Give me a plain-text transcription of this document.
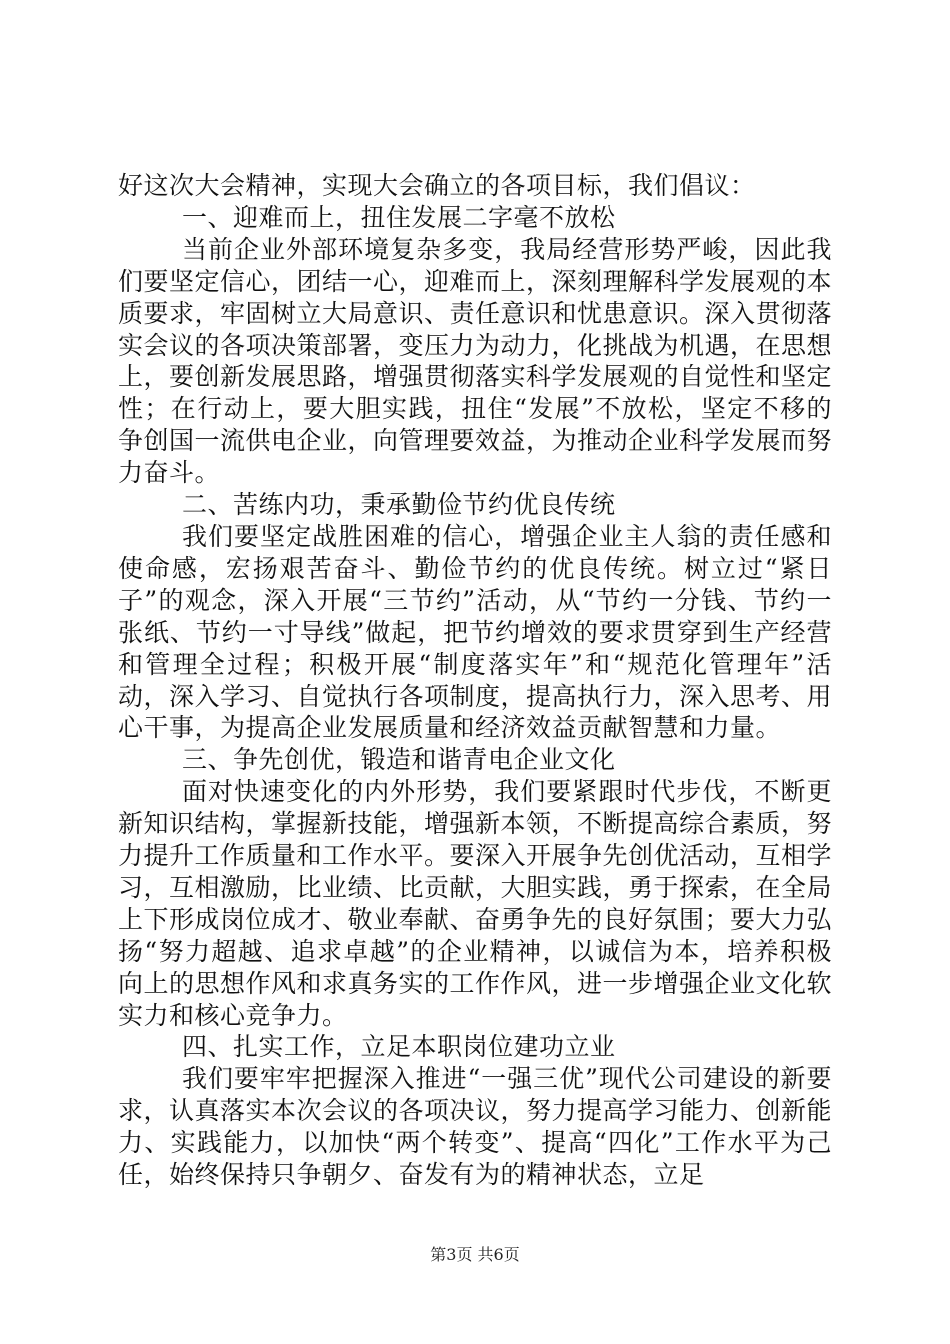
好这次大会精神，实现大会确立的各项目标，我们倡议：

一、迎难而上，扭住发展二字毫不放松

当前企业外部环境复杂多变，我局经营形势严峻，因此我们要坚定信心，团结一心，迎难而上，深刻理解科学发展观的本质要求，牢固树立大局意识、责任意识和忧患意识。深入贯彻落实会议的各项决策部署，变压力为动力，化挑战为机遇，在思想上，要创新发展思路，增强贯彻落实科学发展观的自觉性和坚定性；在行动上，要大胆实践，扭住“发展”不放松，坚定不移的争创国一流供电企业，向管理要效益，为推动企业科学发展而努力奋斗。

二、苦练内功，秉承勤俭节约优良传统

我们要坚定战胜困难的信心，增强企业主人翁的责任感和使命感，宏扬艰苦奋斗、勤俭节约的优良传统。树立过“紧日子”的观念，深入开展“三节约”活动，从“节约一分钱、节约一张纸、节约一寸导线”做起，把节约增效的要求贯穿到生产经营和管理全过程；积极开展“制度落实年”和“规范化管理年”活动，深入学习、自觉执行各项制度，提高执行力，深入思考、用心干事，为提高企业发展质量和经济效益贡献智慧和力量。

三、争先创优，锻造和谐青电企业文化

面对快速变化的内外形势，我们要紧跟时代步伐，不断更新知识结构，掌握新技能，增强新本领，不断提高综合素质，努力提升工作质量和工作水平。要深入开展争先创优活动，互相学习，互相激励，比业绩、比贡献，大胆实践，勇于探索，在全局上下形成岗位成才、敬业奉献、奋勇争先的良好氛围；要大力弘扬“努力超越、追求卓越”的企业精神，以诚信为本，培养积极向上的思想作风和求真务实的工作作风，进一步增强企业文化软实力和核心竞争力。

四、扎实工作，立足本职岗位建功立业

我们要牢牢把握深入推进“一强三优”现代公司建设的新要求，认真落实本次会议的各项决议，努力提高学习能力、创新能力、实践能力，以加快“两个转变”、提高“四化”工作水平为己任，始终保持只争朝夕、奋发有为的精神状态，立足

第3页 共6页
